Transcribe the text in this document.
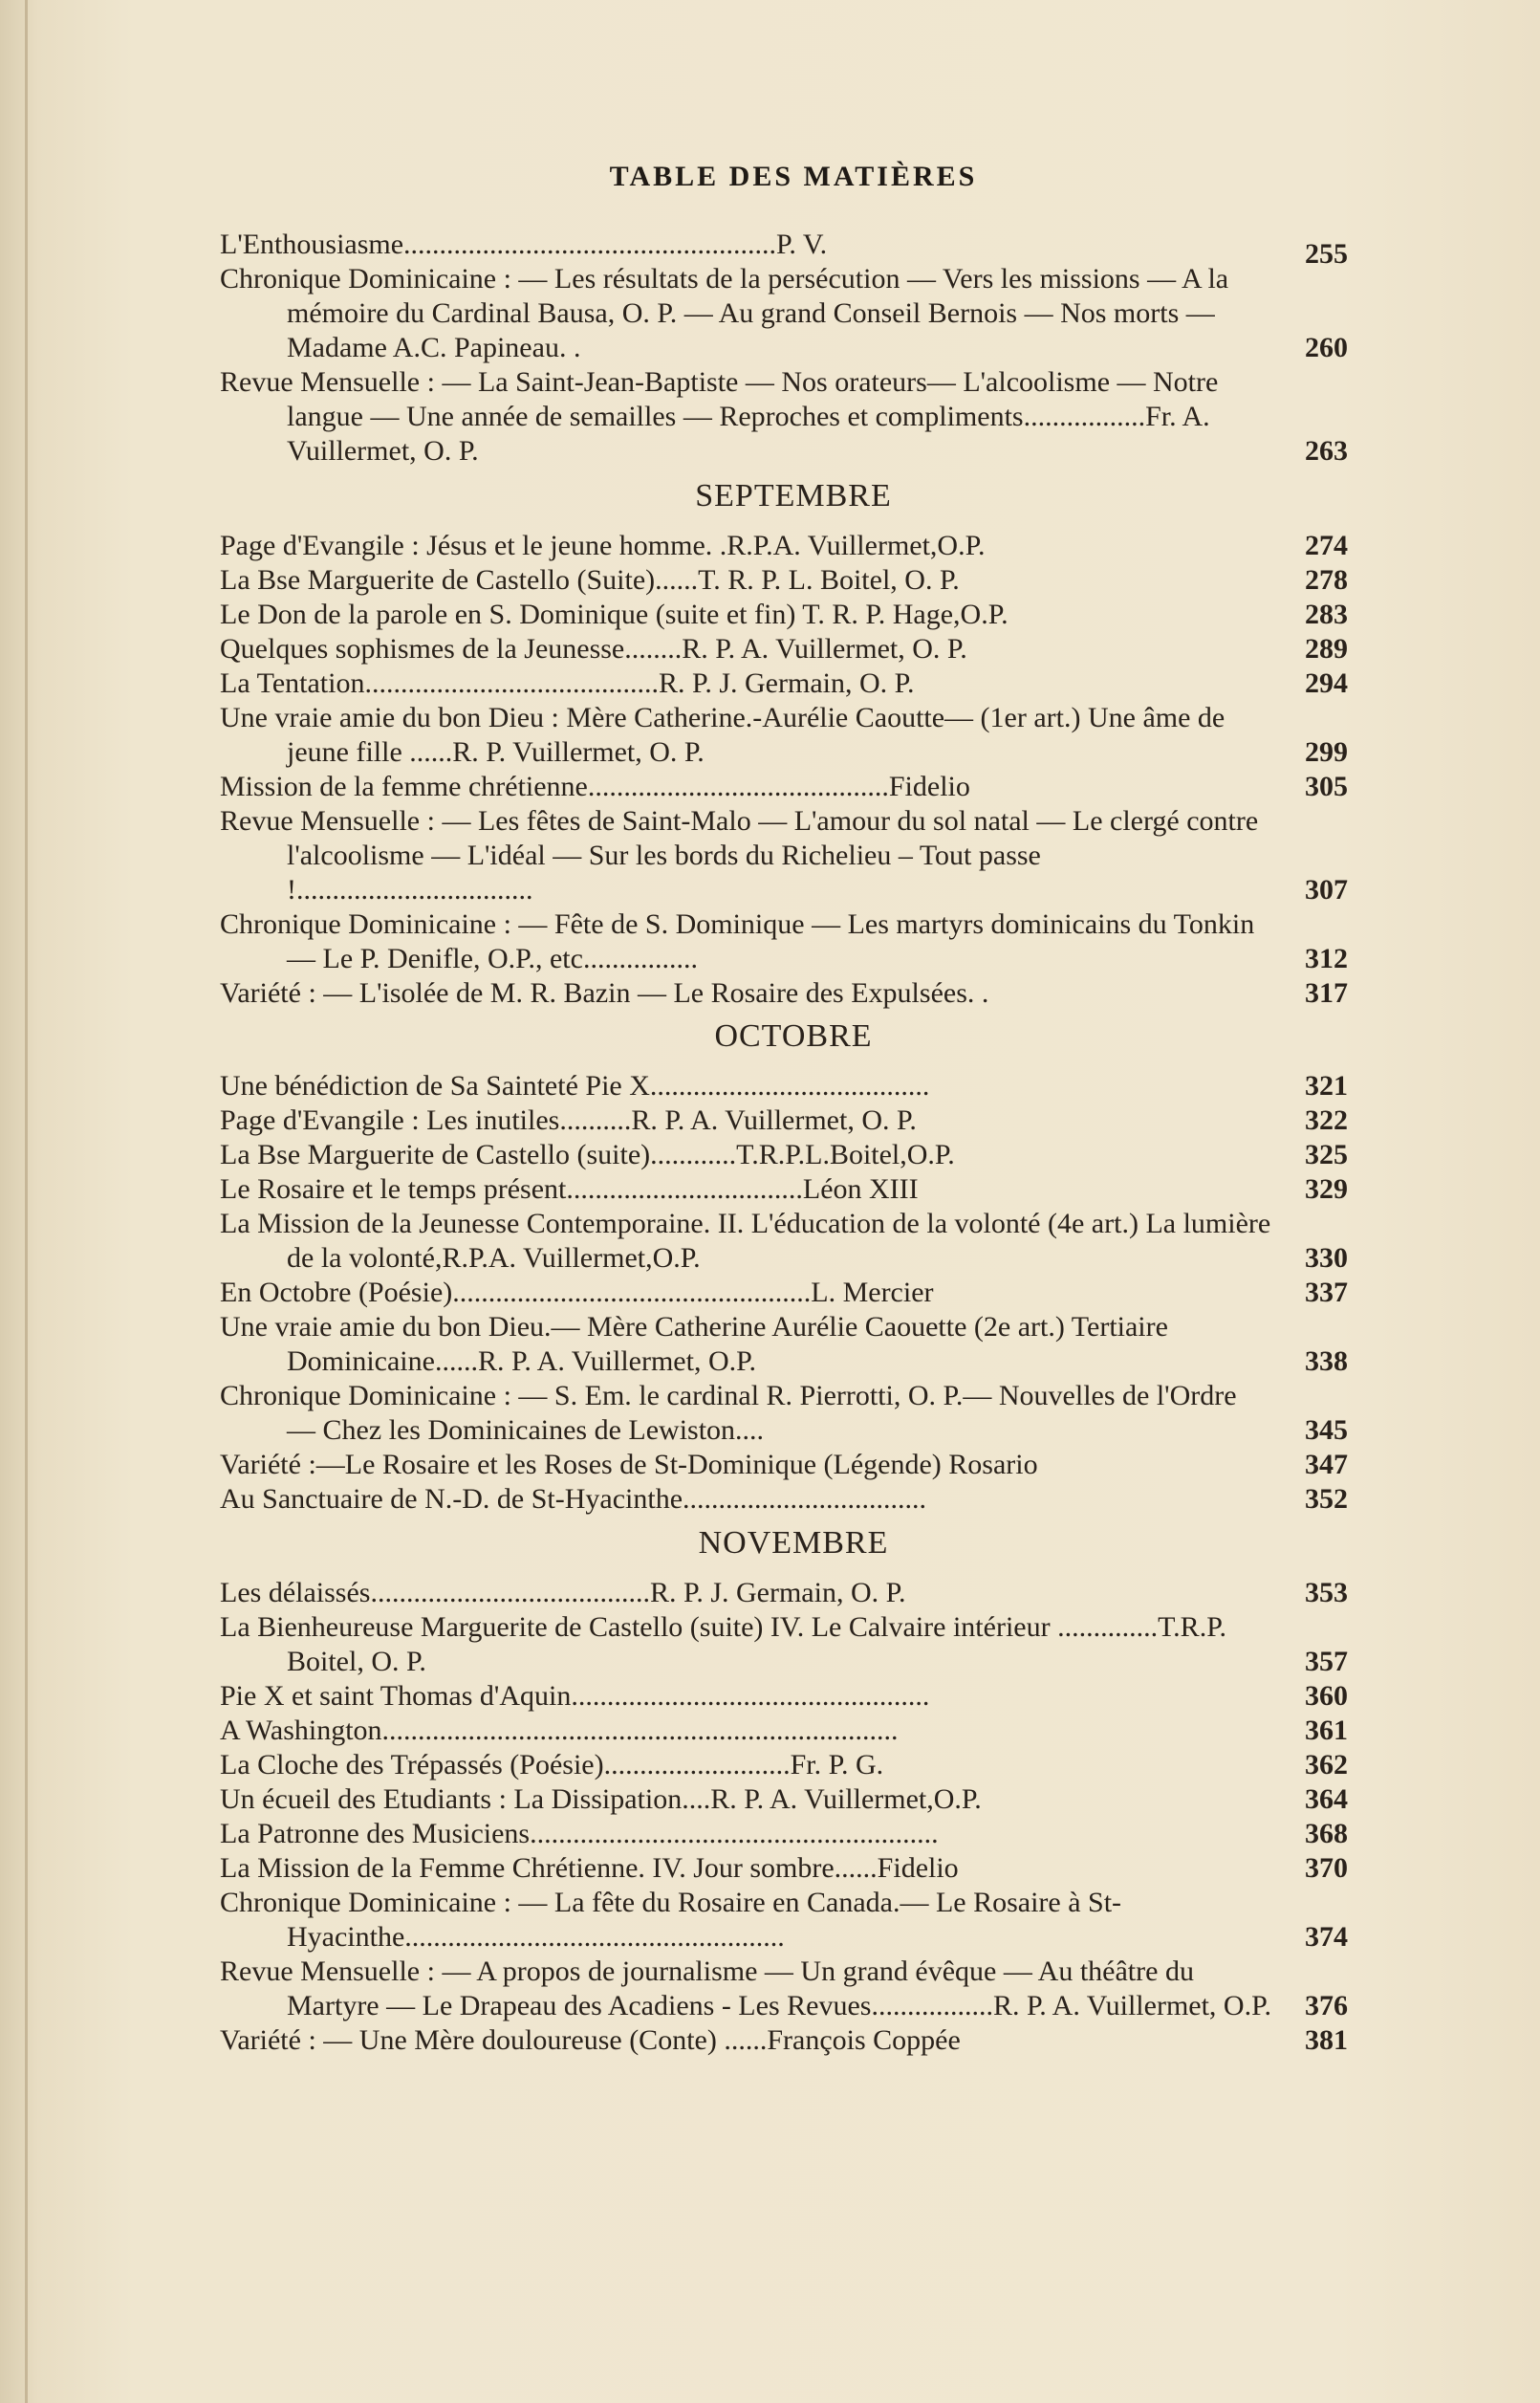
TABLE DES MATIÈRES
L'Enthousiasme....................................................P. V.	255
Chronique Dominicaine : — Les résultats de la persécution — Vers les missions — A la mémoire du Cardinal Bausa, O. P. — Au grand Conseil Bernois — Nos morts — Madame A.C. Papineau. .	260
Revue Mensuelle : — La Saint-Jean-Baptiste — Nos orateurs— L'alcoolisme — Notre langue — Une année de semailles — Reproches et compliments.................Fr. A. Vuillermet, O. P.	263
SEPTEMBRE
Page d'Evangile : Jésus et le jeune homme. .R.P.A. Vuillermet,O.P.	274
La Bse Marguerite de Castello (Suite)......T. R. P. L. Boitel, O. P.	278
Le Don de la parole en S. Dominique (suite et fin) T. R. P. Hage,O.P.	283
Quelques sophismes de la Jeunesse........R. P. A. Vuillermet, O. P.	289
La Tentation.........................................R. P. J. Germain, O. P.	294
Une vraie amie du bon Dieu : Mère Catherine.-Aurélie Caoutte— (1er art.) Une âme de jeune fille ......R. P. Vuillermet, O. P.	299
Mission de la femme chrétienne..........................................Fidelio	305
Revue Mensuelle : — Les fêtes de Saint-Malo — L'amour du sol natal — Le clergé contre l'alcoolisme — L'idéal — Sur les bords du Richelieu – Tout passe !.................................	307
Chronique Dominicaine : — Fête de S. Dominique — Les martyrs dominicains du Tonkin — Le P. Denifle, O.P., etc................	312
Variété : — L'isolée de M. R. Bazin — Le Rosaire des Expulsées. .	317
OCTOBRE
Une bénédiction de Sa Sainteté Pie X.......................................	321
Page d'Evangile : Les inutiles..........R. P. A. Vuillermet, O. P.	322
La Bse Marguerite de Castello (suite)............T.R.P.L.Boitel,O.P.	325
Le Rosaire et le temps présent.................................Léon XIII	329
La Mission de la Jeunesse Contemporaine. II. L'éducation de la volonté (4e art.) La lumière de la volonté,R.P.A. Vuillermet,O.P.	330
En Octobre (Poésie)..................................................L. Mercier	337
Une vraie amie du bon Dieu.— Mère Catherine Aurélie Caouette (2e art.) Tertiaire Dominicaine......R. P. A. Vuillermet, O.P.	338
Chronique Dominicaine : — S. Em. le cardinal R. Pierrotti, O. P.— Nouvelles de l'Ordre — Chez les Dominicaines de Lewiston....	345
Variété :—Le Rosaire et les Roses de St-Dominique (Légende) Rosario	347
Au Sanctuaire de N.-D. de St-Hyacinthe..................................	352
NOVEMBRE
Les délaissés.......................................R. P. J. Germain, O. P.	353
La Bienheureuse Marguerite de Castello (suite) IV. Le Calvaire intérieur ..............T.R.P. Boitel, O. P.	357
Pie X et saint Thomas d'Aquin..................................................	360
A Washington........................................................................	361
La Cloche des Trépassés (Poésie)..........................Fr. P. G.	362
Un écueil des Etudiants : La Dissipation....R. P. A. Vuillermet,O.P.	364
La Patronne des Musiciens.........................................................	368
La Mission de la Femme Chrétienne. IV. Jour sombre......Fidelio	370
Chronique Dominicaine : — La fête du Rosaire en Canada.— Le Rosaire à St-Hyacinthe.....................................................	374
Revue Mensuelle : — A propos de journalisme — Un grand évêque — Au théâtre du Martyre — Le Drapeau des Acadiens - Les Revues.................R. P. A. Vuillermet, O.P.	376
Variété : — Une Mère douloureuse (Conte) ......François Coppée	381
